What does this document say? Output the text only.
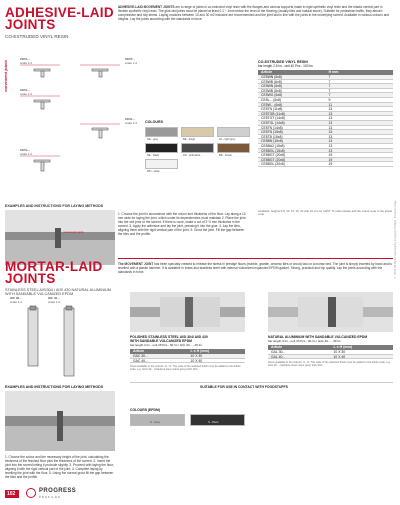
ADHESIVE-LAID
JOINTS
CO-EXTRUDED VINYL RESIN
ADHESIVE-LAID MOVEMENT JOINTS are a range of joints in co-extruded vinyl resin with the flanges and various supports made in rigid synthetic vinyl resin and the elastic central part in flexible synthetic vinyl resin. The glue-laid joints must be placed at least 0.1 ÷ 1mm below the level of the flooring (usually tiles and natural stone). Suitable for pedestrian traffic, they absorb compressive and slip stress. Laying modules between 10 and 30 m2 inclusive are recommended and the joint laid in line with the joints in the underlying screed. Available in various colours and heights. Lay the joints according with the standards in force.
movement joints
CE5L...
scale 1:2
CE5T...
scale 1:2
CE5L...
scale 1:2
CE6L...
scale 1:2
CE5L...
scale 1:2
COLOURS
GE - grey	BE - beige	GL - light grey
NE - black	AN - anthracite	BR - brown
WH - white
CO-EXTRUDED VINYL RESIN
bar length 2,5 lm - unit 40 Pcs - 100 lm
Article	H mm
CE5WN (6x8)	7
CE5WB (6x8)	7
CE5WN (6x8)	7
CE5WB (6x8)	7
CE5WG (6x8)	7
CE5L... (6x8)	9
CE5W... (6x8)	11
CE5TN (11x8)	13
CE5TGB (11x8)	13
CE5TGT (14x8)	13
CE5TGL (14x8)	13
CE5TN (14x8)	13
CE5TN (15x8)	13
CE5TB (15x8)	13
CE5BN (15x8)	13
CE5BA2 (15x8)	13
CE5BGL (15x8)	13
CE5BGT (20x8)	19
CE5BGT (20x8)	19
CE5BGL (20x8)	19
Available: heights 6-8, 10, 12, 15, 20 with 10 mm for CE5T. To order please add the colour code to the article code.
EXAMPLES AND INSTRUCTIONS FOR LAYING METHODS
movement joint
1. Choose the joint in accordance with the colour and thickness of the floor. Lay along a 10 mm wide for laying the joint, which under its dependencies must maintain 2. Place the joint into the slot prior to the screed. If there is none, make a cut of 2÷3 mm thickness in the screed. 3. Apply the adhesive and lay the joint, pressing it into the glue. 4. Lay the tiles, aligning them with the rigid vertical part of the joint. 5. Grout the joint. Fill the gap between the tiles and the profile.
MORTAR-LAID
JOINTS
STAINLESS STEEL AISI304 / AISI 430 NATURAL ALUMINIUM WITH SANDABLE VULCANIZED EPDM
The MOVEMENT JOINT has been specially created to release the stress in prestige floors (marble, granite, ceramic tiles or wood) laid on a mortar bed. The joint is simply inserted by hand and is levelled with a plastic hammer. It is available in brass and stainless steel with internal vulcanized expanded EPDM gasket. Strong, practical and top quality. Lay the joints according with the standards in force.
GIF 30...
scale 1:2
GIF 40...
scale 1:2
POLISHED STAINLESS STEEL AISI 304/ AISI 430
WITH SANDABLE VULCANIZED EPDM
bar length 2 lm - unit 25 Pcs - 50 lm / GIC 40... - 25 lm
Article	L x H (mm)
GAC 30...	10 X 30
GAC 40...	10 X 40
Insert available in the colours: G - N. The code of the selected finish must be added to the article code, e.g. GAC 30... (stainless steel colour grey) GAC 30A
NATURAL ALUMINIUM WITH SANDABLE VULCANIZED EPDM
bar length 3 lm - unit 30 Pcs - 90 lm / GAL 40... - 40 lm
Article	L x H (mm)
GAL 30...	10 X 30
GAL 40...	10 X 40
Insert available in the colours: G - N. The code of the selected finish must be added to the article code, e.g. GAL 30... (stainless steel colour grey) GAL 30A
SUITABLE FOR USE IN CONTACT WITH FOODSTUFFS
COLOURS (EPDM)
G - Grey	N - Black
EXAMPLES AND INSTRUCTIONS FOR LAYING METHODS
1. Choose the colour and the necessary height of the joint, calculating the thickness of the finished floor plus the thickness of the screed. 2. Insert the joint into the screed letting it protrude slightly. 3. Proceed with laying the floor, aligning it with the rigid vertical part of the joint. 4. Complete laying by levelling the joint with the floor. 5. Using the normal grout fill the gap between the tiles and the profile.
102	PROGRESS
PROFILES
© 2021 All rights reserved by Progress Profiles. Printed in Italy.
